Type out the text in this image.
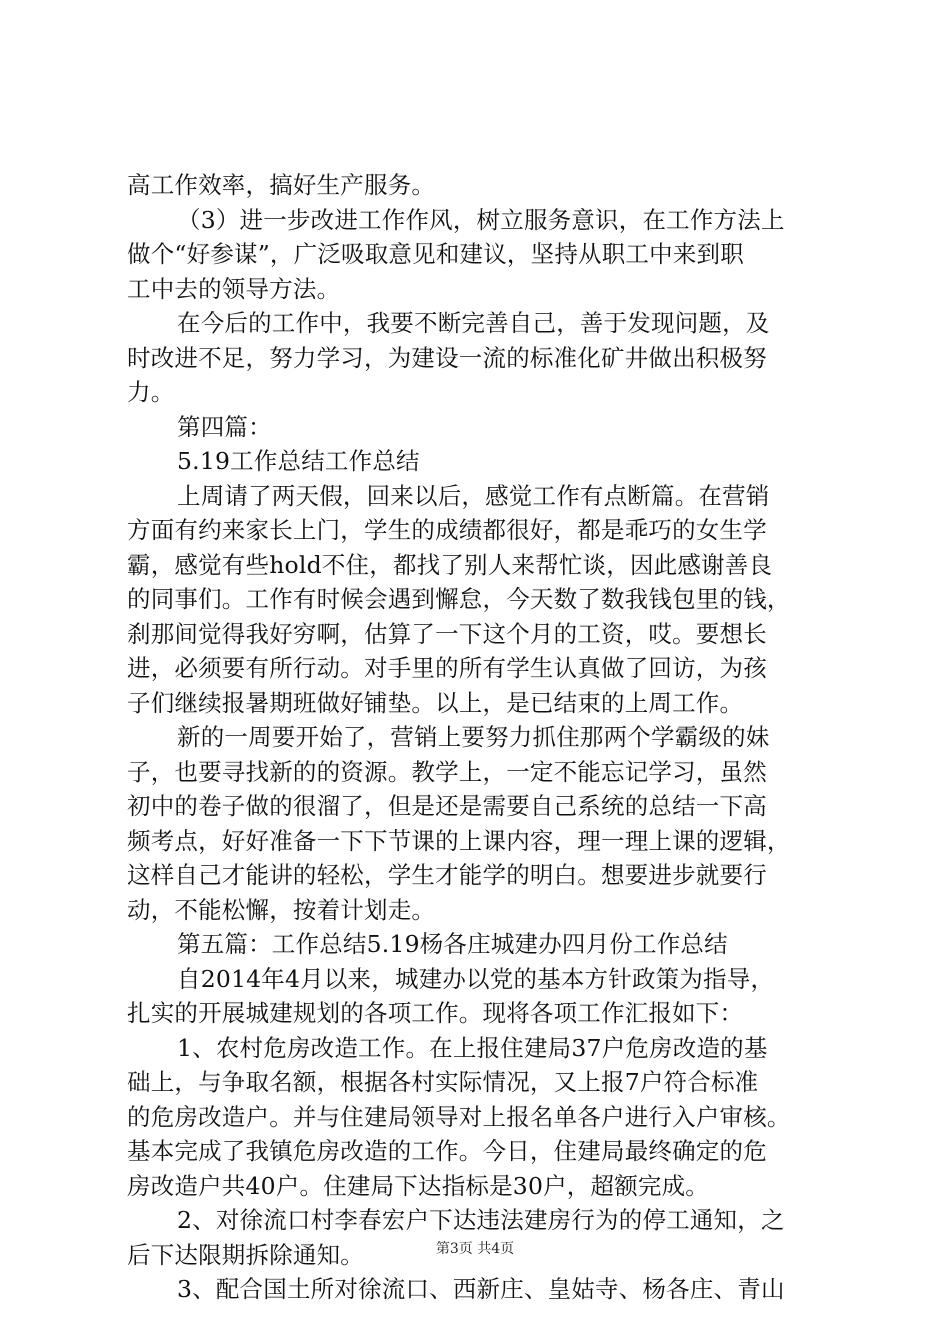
高工作效率，搞好生产服务。
（3）进一步改进工作作风，树立服务意识，在工作方法上
做个“好参谋”，广泛吸取意见和建议，坚持从职工中来到职
工中去的领导方法。
在今后的工作中，我要不断完善自己，善于发现问题，及
时改进不足，努力学习，为建设一流的标准化矿井做出积极努
力。
第四篇：
5.19工作总结工作总结
上周请了两天假，回来以后，感觉工作有点断篇。在营销
方面有约来家长上门，学生的成绩都很好，都是乖巧的女生学
霸，感觉有些hold不住，都找了别人来帮忙谈，因此感谢善良
的同事们。工作有时候会遇到懈怠，今天数了数我钱包里的钱，
刹那间觉得我好穷啊，估算了一下这个月的工资，哎。要想长
进，必须要有所行动。对手里的所有学生认真做了回访，为孩
子们继续报暑期班做好铺垫。以上，是已结束的上周工作。
新的一周要开始了，营销上要努力抓住那两个学霸级的妹
子，也要寻找新的的资源。教学上，一定不能忘记学习，虽然
初中的卷子做的很溜了，但是还是需要自己系统的总结一下高
频考点，好好准备一下下节课的上课内容，理一理上课的逻辑，
这样自己才能讲的轻松，学生才能学的明白。想要进步就要行
动，不能松懈，按着计划走。
第五篇：工作总结5.19杨各庄城建办四月份工作总结
自2014年4月以来，城建办以党的基本方针政策为指导，
扎实的开展城建规划的各项工作。现将各项工作汇报如下：
1、农村危房改造工作。在上报住建局37户危房改造的基
础上，与争取名额，根据各村实际情况，又上报7户符合标准
的危房改造户。并与住建局领导对上报名单各户进行入户审核。
基本完成了我镇危房改造的工作。今日，住建局最终确定的危
房改造户共40户。住建局下达指标是30户，超额完成。
2、对徐流口村李春宏户下达违法建房行为的停工通知，之
后下达限期拆除通知。
3、配合国土所对徐流口、西新庄、皇姑寺、杨各庄、青山
第3页 共4页
